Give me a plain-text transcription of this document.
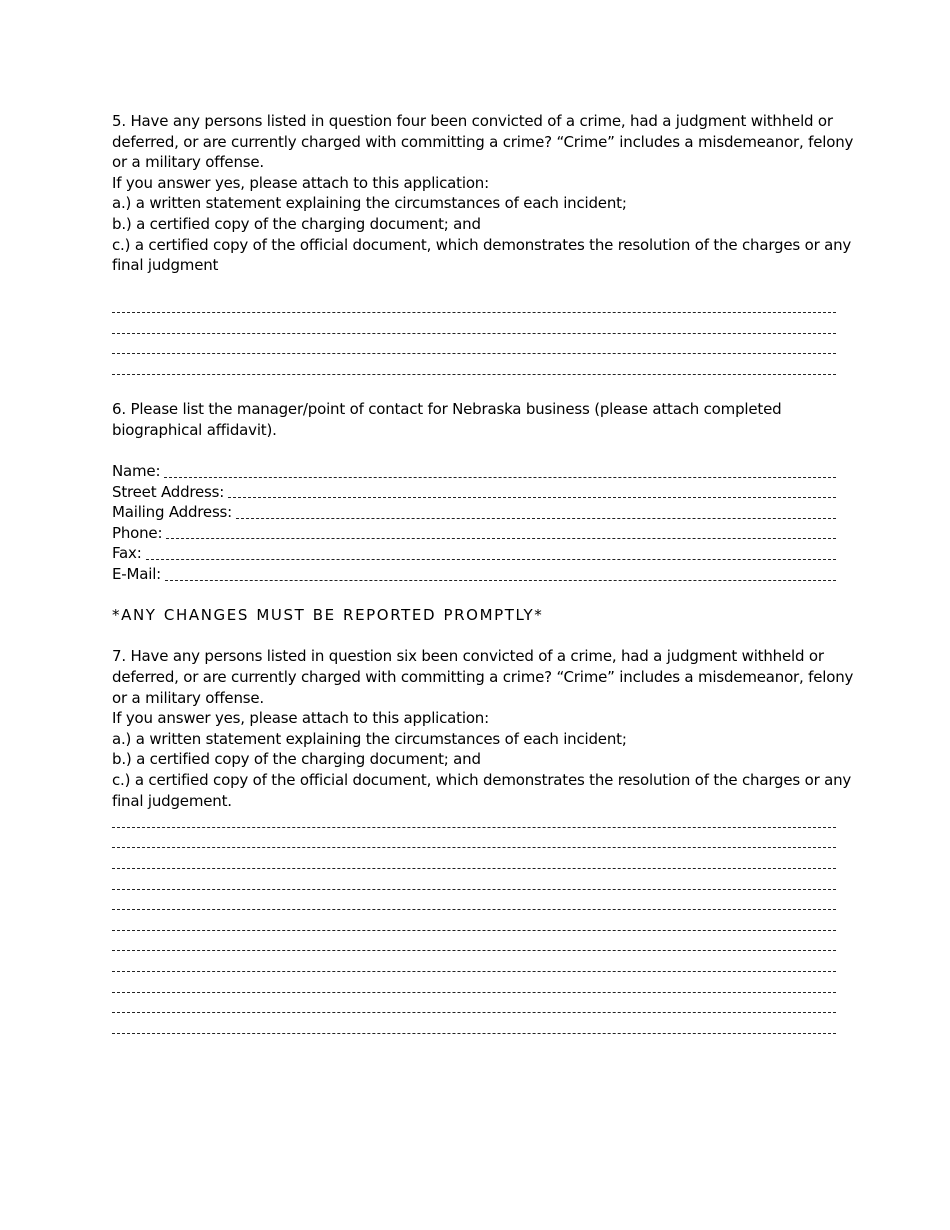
5. Have any persons listed in question four been convicted of a crime, had a judgment withheld or

deferred, or are currently charged with committing a crime? “Crime” includes a misdemeanor, felony

or a military offense.

If you answer yes, please attach to this application:

a.) a written statement explaining the circumstances of each incident;

b.) a certified copy of the charging document; and

c.) a certified copy of the official document, which demonstrates the resolution of the charges or any

final judgment

6. Please list the manager/point of contact for Nebraska business (please attach completed

biographical affidavit).

Name:
Street Address:
Mailing Address:
Phone:
Fax:
E-Mail:

*ANY CHANGES MUST BE REPORTED PROMPTLY*

7. Have any persons listed in question six been convicted of a crime, had a judgment withheld or

deferred, or are currently charged with committing a crime? “Crime” includes a misdemeanor, felony

or a military offense.

If you answer yes, please attach to this application:

a.) a written statement explaining the circumstances of each incident;

b.) a certified copy of the charging document; and

c.) a certified copy of the official document, which demonstrates the resolution of the charges or any

final judgement.
